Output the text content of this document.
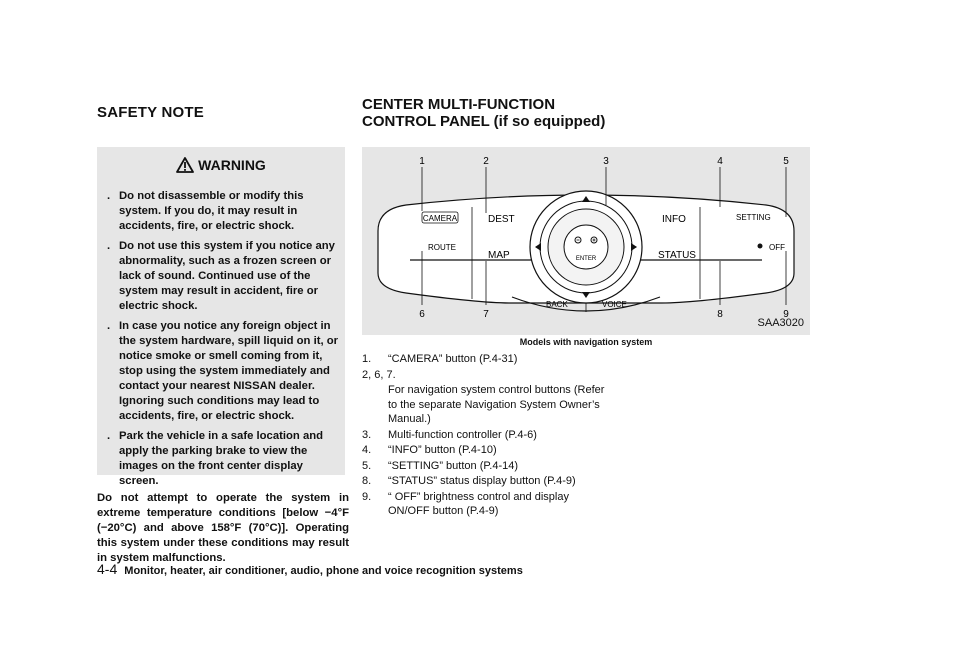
SAFETY NOTE	CENTER MULTI-FUNCTION
CONTROL PANEL (if so equipped)
WARNING
. Do not disassemble or modify this system. If you do, it may result in accidents, fire, or electric shock.
. Do not use this system if you notice any abnormality, such as a frozen screen or lack of sound. Continued use of the system may result in accident, fire or electric shock.
. In case you notice any foreign object in the system hardware, spill liquid on it, or notice smoke or smell coming from it, stop using the system immediately and contact your nearest NISSAN dealer. Ignoring such conditions may lead to accidents, fire, or electric shock.
. Park the vehicle in a safe location and apply the parking brake to view the images on the front center display screen.
Do not attempt to operate the system in extreme temperature conditions [below −4°F (−20°C) and above 158°F (70°C)]. Operating this system under these conditions may result in system malfunctions.
CAMERA
ROUTE
DEST
MAP
INFO
STATUS
SETTING
OFF
ENTER
BACK	VOICE
1	2	3	4	5
6	7	8	9
SAA3020
Models with navigation system
1. “CAMERA” button (P.4-31)
2, 6, 7.

For navigation system control buttons (Refer to the separate Navigation System Owner’s Manual.)
3. Multi-function controller (P.4-6)
4. “INFO” button (P.4-10)
5. “SETTING” button (P.4-14)
8. “STATUS” status display button (P.4-9)
9. “ OFF” brightness control and display ON/OFF button (P.4-9)
4-4 Monitor, heater, air conditioner, audio, phone and voice recognition systems
